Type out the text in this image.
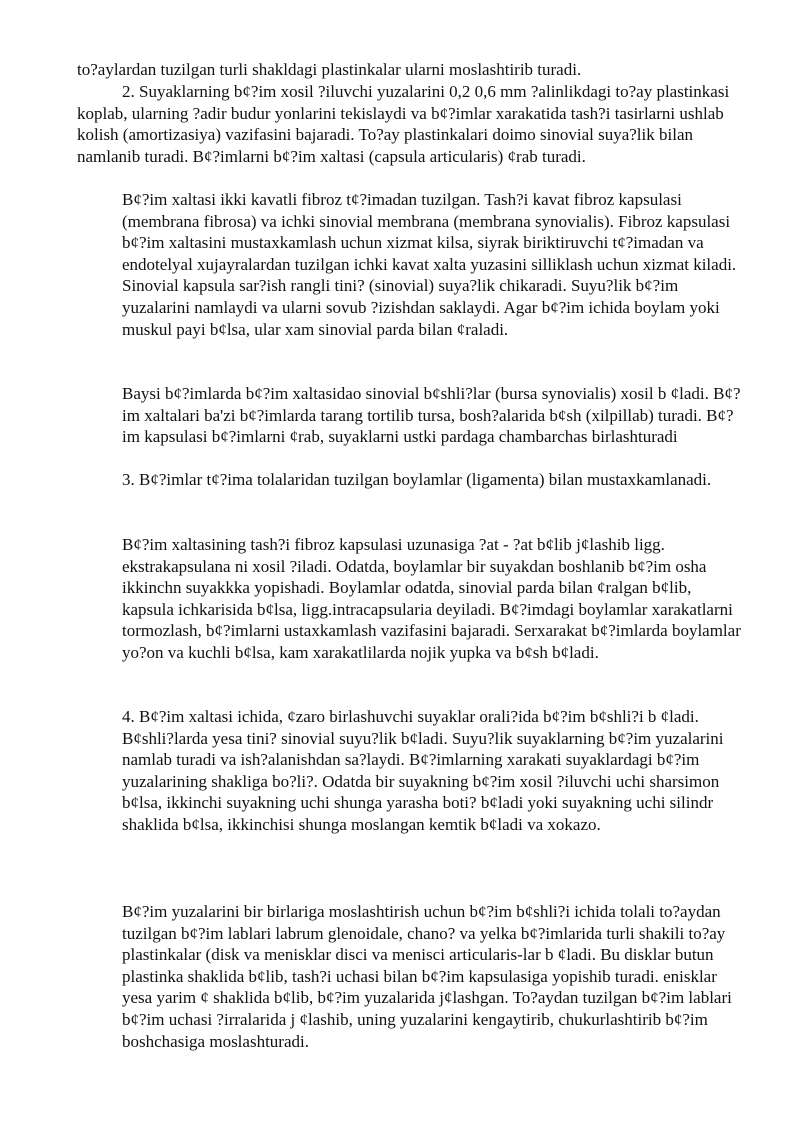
to?aylardan tuzilgan turli shakldagi plastinkalar ularni moslashtirib turadi.

2. Suyaklarning b¢?im xosil ?iluvchi yuzalarini 0,2 0,6 mm ?alinlikdagi to?ay plastinkasi koplab, ularning ?adir budur yonlarini tekislaydi va b¢?imlar xarakatida tash?i tasirlarni ushlab kolish (amortizasiya) vazifasini bajaradi. To?ay plastinkalari doimo sinovial suya?lik bilan namlanib turadi. B¢?imlarni b¢?im xaltasi (capsula articularis) ¢rab turadi.

B¢?im xaltasi ikki kavatli fibroz t¢?imadan tuzilgan. Tash?i kavat fibroz kapsulasi (membrana fibrosa) va ichki sinovial membrana (membrana synovialis). Fibroz kapsulasi b¢?im xaltasini mustaxkamlash uchun xizmat kilsa, siyrak biriktiruvchi t¢?imadan va endotelyal xujayralardan tuzilgan ichki kavat xalta yuzasini silliklash uchun xizmat kiladi. Sinovial kapsula sar?ish rangli tini? (sinovial) suya?lik chikaradi. Suyu?lik b¢?im yuzalarini namlaydi va ularni sovub ?izishdan saklaydi. Agar b¢?im ichida boylam yoki muskul payi b¢lsa, ular xam sinovial parda bilan ¢raladi.

Baysi b¢?imlarda b¢?im xaltasidao sinovial b¢shli?lar (bursa synovialis) xosil b ¢ladi. B¢?im xaltalari ba'zi b¢?imlarda tarang tortilib tursa, bosh?alarida b¢sh (xilpillab) turadi. B¢?im kapsulasi b¢?imlarni ¢rab, suyaklarni ustki pardaga chambarchas birlashturadi

3. B¢?imlar t¢?ima tolalaridan tuzilgan boylamlar (ligamenta) bilan mustaxkamlanadi.

B¢?im xaltasining tash?i fibroz kapsulasi uzunasiga ?at - ?at b¢lib j¢lashib ligg. ekstrakapsulana ni xosil ?iladi. Odatda, boylamlar bir suyakdan boshlanib b¢?im osha ikkinchn suyakkka yopishadi. Boylamlar odatda, sinovial parda bilan ¢ralgan b¢lib, kapsula ichkarisida b¢lsa, ligg.intracapsularia deyiladi. B¢?imdagi boylamlar xarakatlarni tormozlash, b¢?imlarni ustaxkamlash vazifasini bajaradi. Serxarakat b¢?imlarda boylamlar yo?on va kuchli b¢lsa, kam xarakatlilarda nojik yupka va b¢sh b¢ladi.

4. B¢?im xaltasi ichida, ¢zaro birlashuvchi suyaklar orali?ida b¢?im b¢shli?i b ¢ladi. B¢shli?larda yesa tini? sinovial suyu?lik b¢ladi. Suyu?lik suyaklarning b¢?im yuzalarini namlab turadi va ish?alanishdan sa?laydi. B¢?imlarning xarakati suyaklardagi b¢?im yuzalarining shakliga bo?li?. Odatda bir suyakning b¢?im xosil ?iluvchi uchi sharsimon b¢lsa, ikkinchi suyakning uchi shunga yarasha boti? b¢ladi yoki suyakning uchi silindr shaklida b¢lsa, ikkinchisi shunga moslangan kemtik b¢ladi va xokazo.

B¢?im yuzalarini bir birlariga moslashtirish uchun b¢?im b¢shli?i ichida tolali to?aydan tuzilgan b¢?im lablari labrum glenoidale, chano? va yelka b¢?imlarida turli shakili to?ay plastinkalar (disk va menisklar disci va menisci articularis-lar b ¢ladi. Bu disklar butun plastinka shaklida b¢lib, tash?i uchasi bilan b¢?im kapsulasiga yopishib turadi. enisklar yesa yarim ¢ shaklida b¢lib, b¢?im yuzalarida j¢lashgan. To?aydan tuzilgan b¢?im lablari b¢?im uchasi ?irralarida j ¢lashib, uning yuzalarini kengaytirib, chukurlashtirib b¢?im boshchasiga moslashturadi.
